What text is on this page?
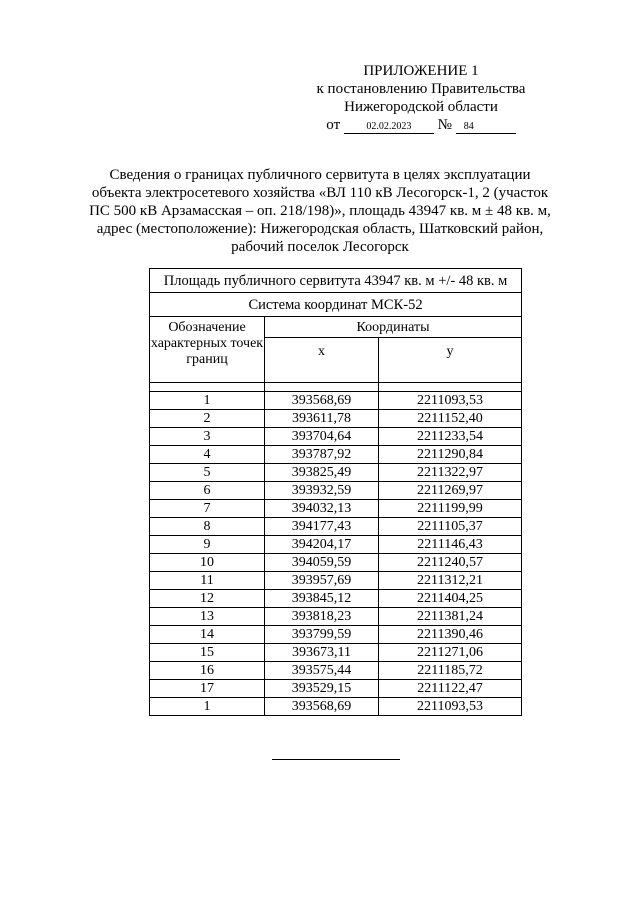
ПРИЛОЖЕНИЕ 1
к постановлению Правительства
Нижегородской области
от	02.02.2023 № 84
Сведения о границах публичного сервитута в целях эксплуатации объекта электросетевого хозяйства «ВЛ 110 кВ Лесогорск-1, 2 (участок ПС 500 кВ Арзамасская – оп. 218/198)», площадь 43947 кв. м ± 48 кв. м, адрес (местоположение): Нижегородская область, Шатковский район, рабочий поселок Лесогорск
Площадь публичного сервитута 43947 кв. м +/- 48 кв. м		
Система координат МСК-52		
Обозначение характерных точек границ	Координаты	
	x	y

1	393568,69	2211093,53
2	393611,78	2211152,40
3	393704,64	2211233,54
4	393787,92	2211290,84
5	393825,49	2211322,97
6	393932,59	2211269,97
7	394032,13	2211199,99
8	394177,43	2211105,37
9	394204,17	2211146,43
10	394059,59	2211240,57
11	393957,69	2211312,21
12	393845,12	2211404,25
13	393818,23	2211381,24
14	393799,59	2211390,46
15	393673,11	2211271,06
16	393575,44	2211185,72
17	393529,15	2211122,47
1	393568,69	2211093,53
